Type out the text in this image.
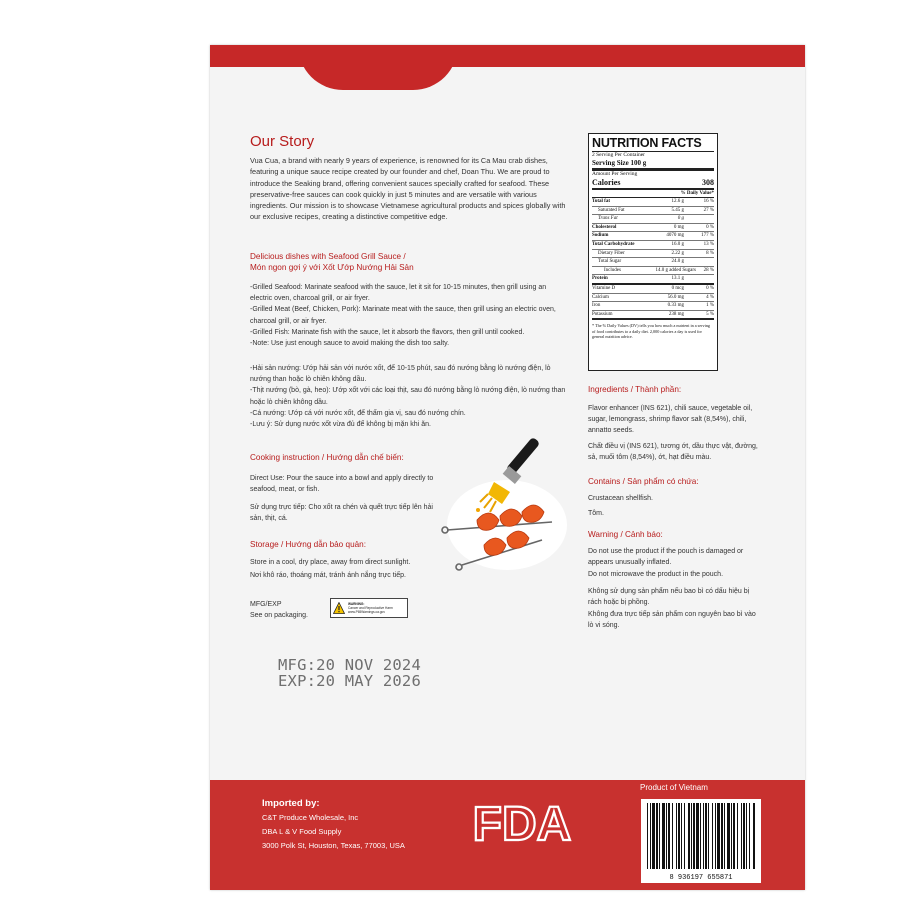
Our Story
Vua Cua, a brand with nearly 9 years of experience, is renowned for its Ca Mau crab dishes, featuring a unique sauce recipe created by our founder and chef, Doan Thu. We are proud to introduce the Seaking brand, offering convenient sauces specially crafted for seafood. These preservative-free sauces can cook quickly in just 5 minutes and are versatile with various ingredients. Our mission is to showcase Vietnamese agricultural products and spices globally with our exclusive recipes, creating a distinctive competitive edge.
Delicious dishes with Seafood Grill Sauce /
Món ngon gợi ý với Xốt Ướp Nướng Hải Sản
-Grilled Seafood: Marinate seafood with the sauce, let it sit for 10-15 minutes, then grill using an electric oven, charcoal grill, or air fryer.
-Grilled Meat (Beef, Chicken, Pork): Marinate meat with the sauce, then grill using an electric oven, charcoal grill, or air fryer.
-Grilled Fish: Marinate fish with the sauce, let it absorb the flavors, then grill until cooked.
-Note: Use just enough sauce to avoid making the dish too salty.
-Hải sản nướng: Ướp hải sản với nước xốt, để 10-15 phút, sau đó nướng bằng lò nướng điện, lò nướng than hoặc lò chiên không dầu.
-Thịt nướng (bò, gà, heo): Ướp xốt với các loại thịt, sau đó nướng bằng lò nướng điện, lò nướng than hoặc lò chiên không dầu.
-Cá nướng: Ướp cá với nước xốt, để thấm gia vị, sau đó nướng chín.
-Lưu ý: Sử dụng nước xốt vừa đủ để không bị mặn khi ăn.
Cooking instruction / Hướng dẫn chế biến:
Direct Use: Pour the sauce into a bowl and apply directly to seafood, meat, or fish.
Sử dụng trực tiếp: Cho xốt ra chén và quết trực tiếp lên hải sản, thịt, cá.
Storage / Hướng dẫn bảo quản:
Store in a cool, dry place, away from direct sunlight.
Nơi khô ráo, thoáng mát, tránh ánh nắng trực tiếp.
MFG/EXP
See on packaging.
WARNING:
Cancer and Reproductive Harm
www.P65Warnings.ca.gov
MFG:20 NOV 2024
EXP:20 MAY 2026
NUTRITION FACTS
2 Serving Per Container
Serving Size 100 g
Amount Per Serving
Calories	308
% Daily Value*
Total fat	12.6 g	16 %
Saturated Fat	5.45 g	27 %
Trans Fat	0 g
Cholesterol	0 mg	0 %
Sodium	4070 mg	177 %
Total Carbohydrate	16.0 g	13 %
Dietary Fiber	2.22 g	8 %
Total Sugar	24.0 g
Includes	14.0 g added Sugars	28 %
Protein	13.1 g
Vitamine D	0 mcg	0 %
Calcium	56.0 mg	4 %
Iron	0.33 mg	1 %
Potassium	238 mg	5 %
* The % Daily Values (DV) tells you how much a nutrient in a serving of food contributes to a daily diet. 2,000 calories a day is used for general nutrition advice.
Ingredients / Thành phần:
Flavor enhancer (INS 621), chili sauce, vegetable oil, sugar, lemongrass, shrimp flavor salt (8,54%), chili, annatto seeds.
Chất điều vị (INS 621), tương ớt, dầu thực vật, đường, sả, muối tôm (8,54%), ớt, hạt điều màu.
Contains / Sản phẩm có chứa:
Crustacean shellfish.
Tôm.
Warning / Cảnh báo:
Do not use the product if the pouch is damaged or appears unusually inflated.
Do not microwave the product in the pouch.
Không sử dụng sản phẩm nếu bao bì có dấu hiệu bị rách hoặc bị phồng.
Không đưa trực tiếp sản phẩm con nguyên bao bì vào lò vi sóng.
Imported by:
C&T Produce Wholesale, Inc
DBA L & V Food Supply
3000 Polk St, Houston, Texas, 77003, USA FDA
Product of Vietnam
8 936197 655871
